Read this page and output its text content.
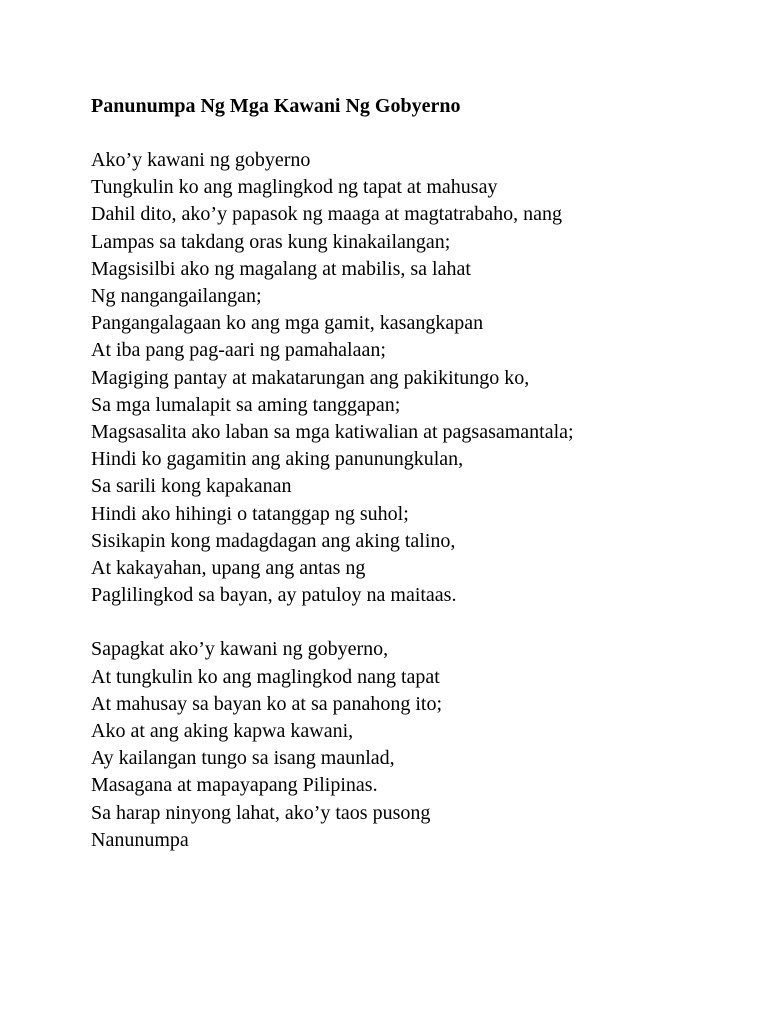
Panunumpa Ng Mga Kawani Ng Gobyerno
Ako’y kawani ng gobyerno
Tungkulin ko ang maglingkod ng tapat at mahusay
Dahil dito, ako’y papasok ng maaga at magtatrabaho, nang
Lampas sa takdang oras kung kinakailangan;
Magsisilbi ako ng magalang at mabilis, sa lahat
Ng nangangailangan;
Pangangalagaan ko ang mga gamit, kasangkapan
At iba pang pag-aari ng pamahalaan;
Magiging pantay at makatarungan ang pakikitungo ko,
Sa mga lumalapit sa aming tanggapan;
Magsasalita ako laban sa mga katiwalian at pagsasamantala;
Hindi ko gagamitin ang aking panunungkulan,
Sa sarili kong kapakanan
Hindi ako hihingi o tatanggap ng suhol;
Sisikapin kong madagdagan ang aking talino,
At kakayahan, upang ang antas ng
Paglilingkod sa bayan, ay patuloy na maitaas.
Sapagkat ako’y kawani ng gobyerno,
At tungkulin ko ang maglingkod nang tapat
At mahusay sa bayan ko at sa panahong ito;
Ako at ang aking kapwa kawani,
Ay kailangan tungo sa isang maunlad,
Masagana at mapayapang Pilipinas.
Sa harap ninyong lahat, ako’y taos pusong
Nanunumpa
